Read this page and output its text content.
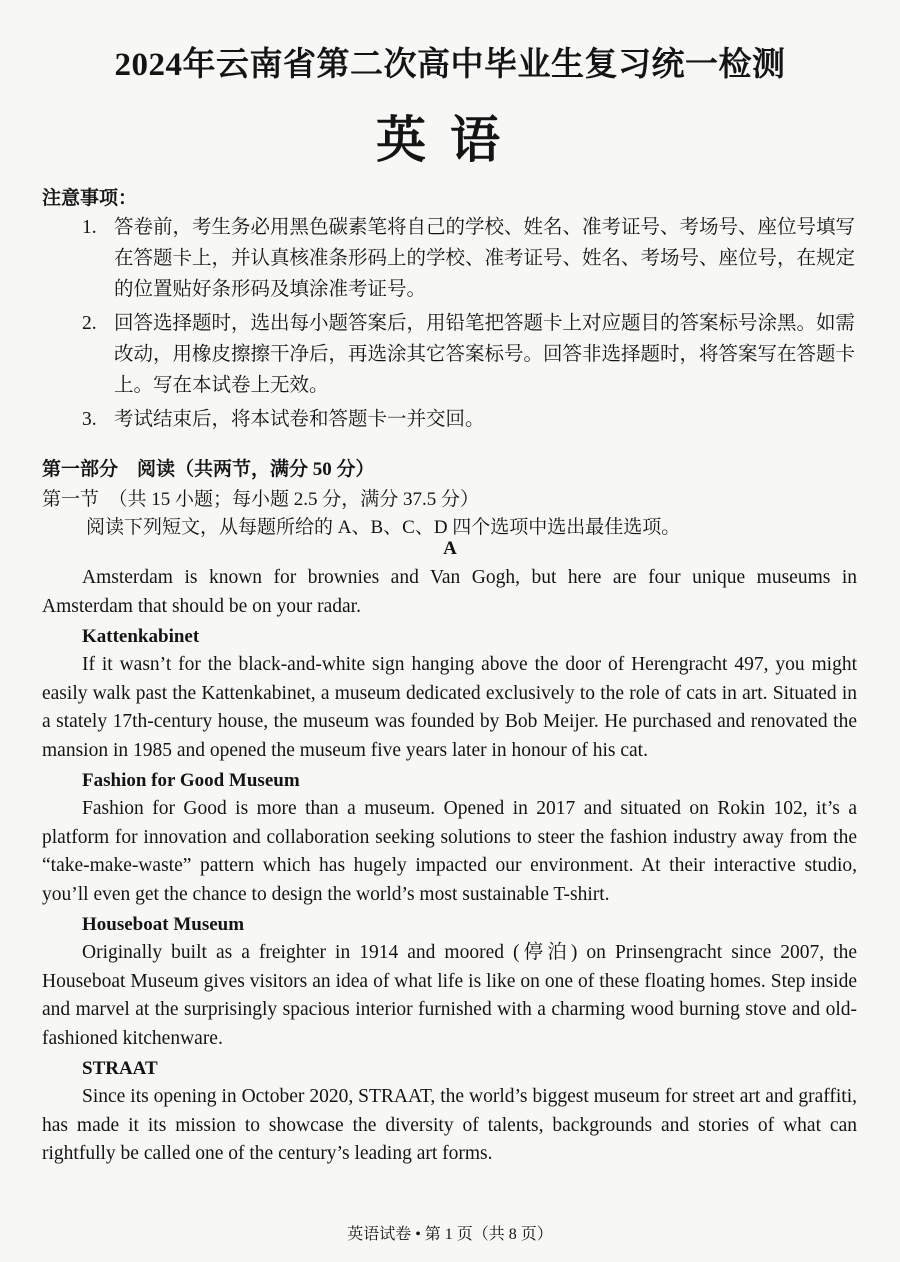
2024年云南省第二次高中毕业生复习统一检测
英语
注意事项：
1. 答卷前，考生务必用黑色碳素笔将自己的学校、姓名、准考证号、考场号、座位号填写在答题卡上，并认真核准条形码上的学校、准考证号、姓名、考场号、座位号，在规定的位置贴好条形码及填涂准考证号。
2. 回答选择题时，选出每小题答案后，用铅笔把答题卡上对应题目的答案标号涂黑。如需改动，用橡皮擦擦干净后，再选涂其它答案标号。回答非选择题时，将答案写在答题卡上。写在本试卷上无效。
3. 考试结束后，将本试卷和答题卡一并交回。
第一部分　阅读（共两节，满分 50 分）
第一节　（共 15 小题；每小题 2.5 分，满分 37.5 分）
阅读下列短文，从每题所给的 A、B、C、D 四个选项中选出最佳选项。
A

Amsterdam is known for brownies and Van Gogh, but here are four unique museums in Amsterdam that should be on your radar.

Kattenkabinet

If it wasn’t for the black-and-white sign hanging above the door of Herengracht 497, you might easily walk past the Kattenkabinet, a museum dedicated exclusively to the role of cats in art. Situated in a stately 17th-century house, the museum was founded by Bob Meijer. He purchased and renovated the mansion in 1985 and opened the museum five years later in honour of his cat.

Fashion for Good Museum

Fashion for Good is more than a museum. Opened in 2017 and situated on Rokin 102, it’s a platform for innovation and collaboration seeking solutions to steer the fashion industry away from the “take-make-waste” pattern which has hugely impacted our environment. At their interactive studio, you’ll even get the chance to design the world’s most sustainable T-shirt.

Houseboat Museum

Originally built as a freighter in 1914 and moored (停泊) on Prinsengracht since 2007, the Houseboat Museum gives visitors an idea of what life is like on one of these floating homes. Step inside and marvel at the surprisingly spacious interior furnished with a charming wood burning stove and old-fashioned kitchenware.

STRAAT

Since its opening in October 2020, STRAAT, the world’s biggest museum for street art and graffiti, has made it its mission to showcase the diversity of talents, backgrounds and stories of what can rightfully be called one of the century’s leading art forms.

英语试卷 • 第 1 页（共 8 页）
